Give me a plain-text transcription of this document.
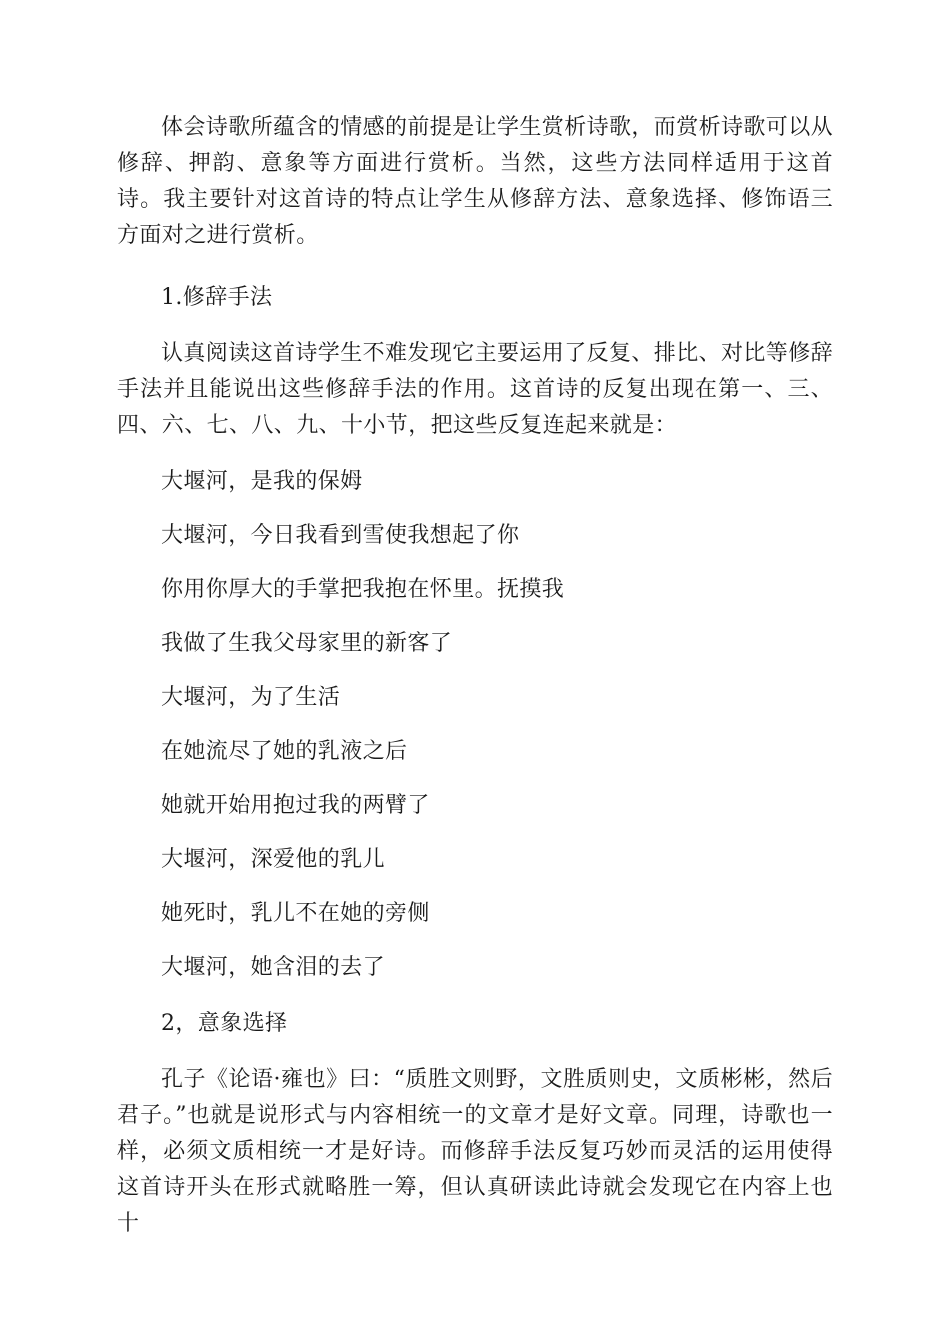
体会诗歌所蕴含的情感的前提是让学生赏析诗歌，而赏析诗歌可以从修辞、押韵、意象等方面进行赏析。当然，这些方法同样适用于这首诗。我主要针对这首诗的特点让学生从修辞方法、意象选择、修饰语三方面对之进行赏析。

1.修辞手法

认真阅读这首诗学生不难发现它主要运用了反复、排比、对比等修辞手法并且能说出这些修辞手法的作用。这首诗的反复出现在第一、三、四、六、七、八、九、十小节，把这些反复连起来就是：

大堰河，是我的保姆

大堰河，今日我看到雪使我想起了你

你用你厚大的手掌把我抱在怀里。抚摸我

我做了生我父母家里的新客了

大堰河，为了生活

在她流尽了她的乳液之后

她就开始用抱过我的两臂了

大堰河，深爱他的乳儿

她死时，乳儿不在她的旁侧

大堰河，她含泪的去了

2，意象选择

孔子《论语·雍也》曰：“质胜文则野，文胜质则史，文质彬彬，然后君子。”也就是说形式与内容相统一的文章才是好文章。同理，诗歌也一样，必须文质相统一才是好诗。而修辞手法反复巧妙而灵活的运用使得这首诗开头在形式就略胜一筹，但认真研读此诗就会发现它在内容上也十
